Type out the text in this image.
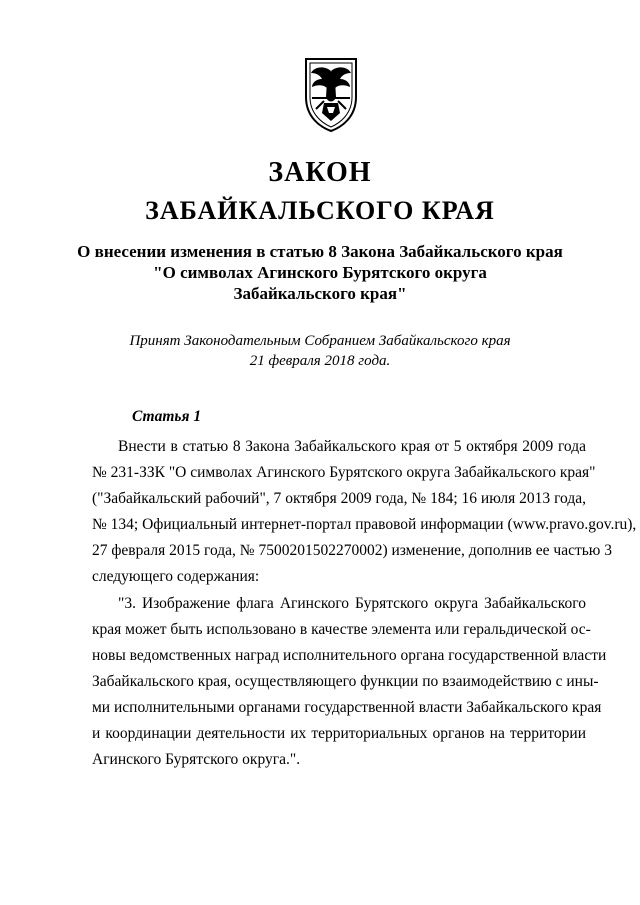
ЗАКОН
ЗАБАЙКАЛЬСКОГО КРАЯ
О внесении изменения в статью 8 Закона Забайкальского края
"О символах Агинского Бурятского округа
Забайкальского края"
Принят Законодательным Собранием Забайкальского края
21 февраля 2018 года.
Статья 1
Внести в статью 8 Закона Забайкальского края от 5 октября 2009 года
№ 231-ЗЗК "О символах Агинского Бурятского округа Забайкальского края"
("Забайкальский рабочий", 7 октября 2009 года, № 184; 16 июля 2013 года,
№ 134; Официальный интернет-портал правовой информации (www.pravo.gov.ru),
27 февраля 2015 года, № 7500201502270002) изменение, дополнив ее частью 3
следующего содержания:
"3. Изображение флага Агинского Бурятского округа Забайкальского
края может быть использовано в качестве элемента или геральдической ос-
новы ведомственных наград исполнительного органа государственной власти
Забайкальского края, осуществляющего функции по взаимодействию с ины-
ми исполнительными органами государственной власти Забайкальского края
и координации деятельности их территориальных органов на территории
Агинского Бурятского округа.".
